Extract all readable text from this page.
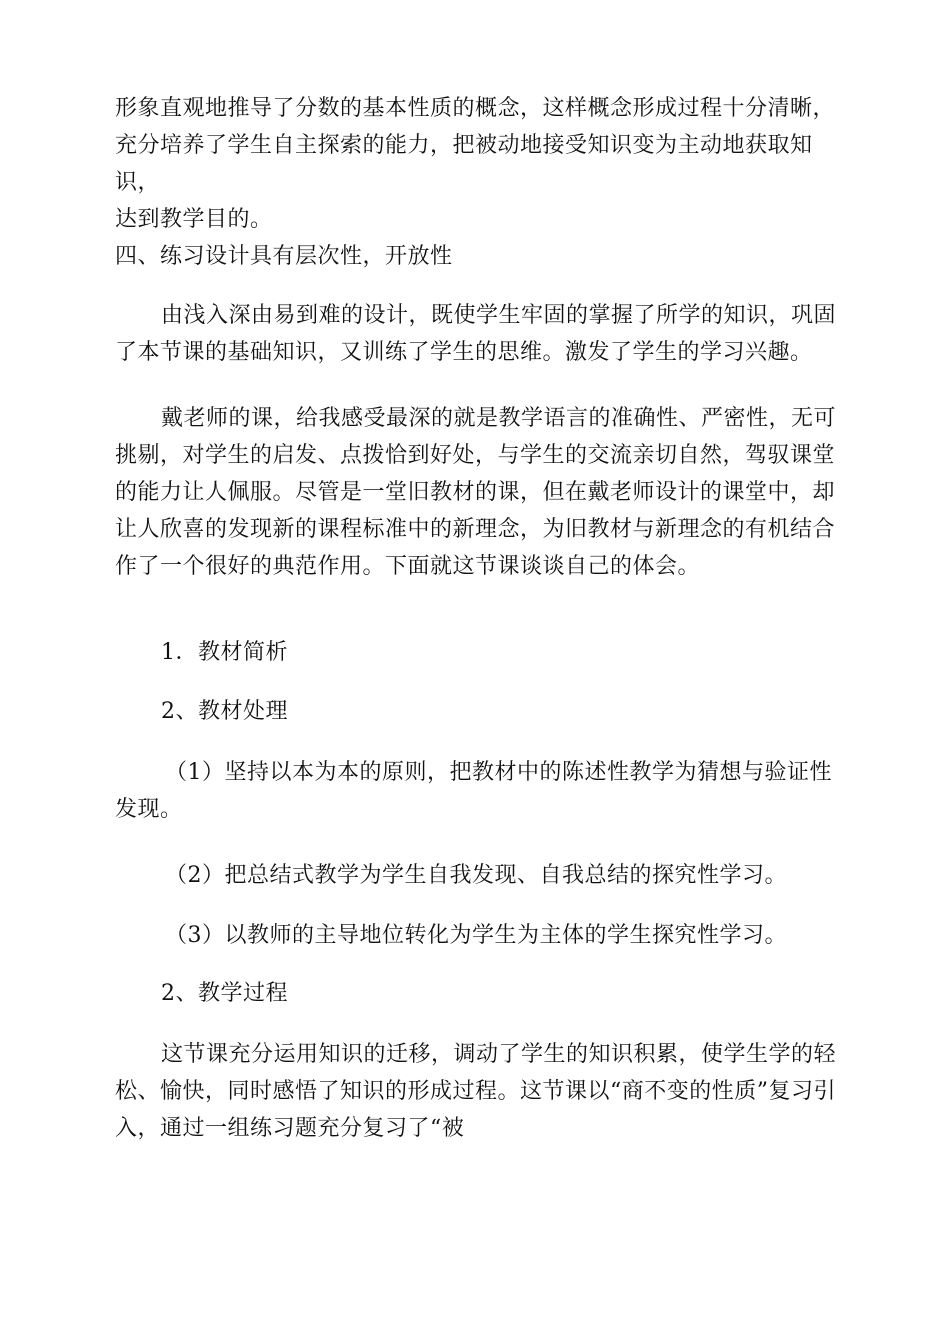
形象直观地推导了分数的基本性质的概念，这样概念形成过程十分清晰，
充分培养了学生自主探索的能力，把被动地接受知识变为主动地获取知识，
达到教学目的。
四、练习设计具有层次性，开放性
由浅入深由易到难的设计，既使学生牢固的掌握了所学的知识，巩固了本节课的基础知识，又训练了学生的思维。激发了学生的学习兴趣。
戴老师的课，给我感受最深的就是教学语言的准确性、严密性，无可挑剔，对学生的启发、点拨恰到好处，与学生的交流亲切自然，驾驭课堂的能力让人佩服。尽管是一堂旧教材的课，但在戴老师设计的课堂中，却让人欣喜的发现新的课程标准中的新理念，为旧教材与新理念的有机结合作了一个很好的典范作用。下面就这节课谈谈自己的体会。
1．教材简析
2、教材处理
（1）坚持以本为本的原则，把教材中的陈述性教学为猜想与验证性发现。
（2）把总结式教学为学生自我发现、自我总结的探究性学习。
（3）以教师的主导地位转化为学生为主体的学生探究性学习。
2、教学过程
这节课充分运用知识的迁移，调动了学生的知识积累，使学生学的轻松、愉快，同时感悟了知识的形成过程。这节课以“商不变的性质”复习引入，通过一组练习题充分复习了“被
